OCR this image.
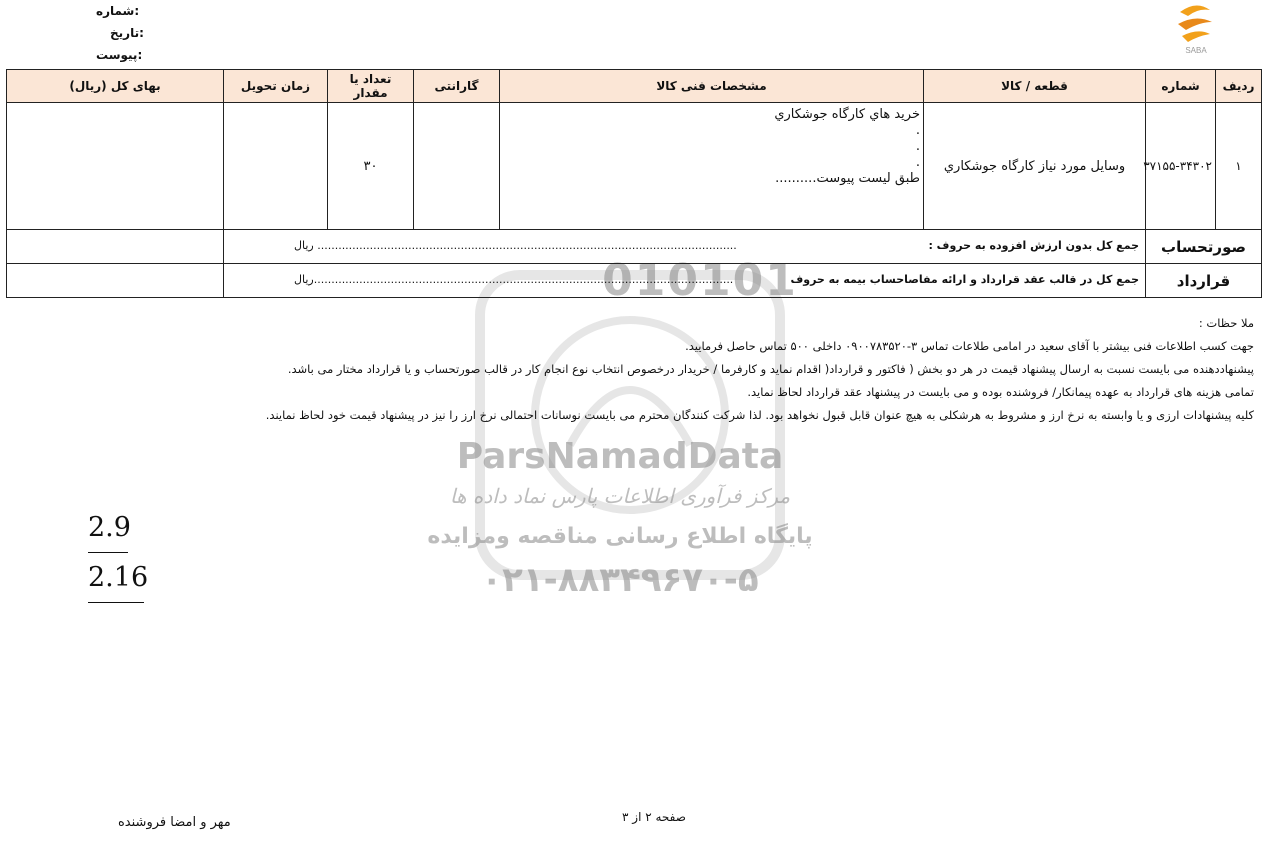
شماره:
تاریخ:
پیوست:	SABA
010101
ParsNamadData
مرکز فرآوری اطلاعات پارس نماد داده ها
پایگاه اطلاع رسانی مناقصه ومزایده
۰۲۱-۸۸۳۴۹۶۷۰-۵
ردیف	شماره	قطعه / کالا	مشخصات فنی کالا	گارانتی	تعداد یا مقدار	زمان تحویل	بهای کل (ریال)
۱	۳۷۱۵۵-۳۴۳۰۲	وسایل مورد نیاز کارگاه جوشکاري	خرید هاي کارگاه جوشکاري
.
.
.
طبق لیست پیوست..........		۳۰		
صورتحساب		جمع کل بدون ارزش افزوده به حروف :
........................................................................................................................ ریال					

قرارداد		جمع کل در قالب عقد قرارداد و ارائه مفاصاحساب بیمه به حروف
........................................................................................................................ریال					

ملا حظات :
جهت کسب اطلاعات فنی بیشتر با آقای سعید در امامی طلاعات تماس ۳-۰۹۰۰۷۸۳۵۲۰ داخلی ۵۰۰ تماس حاصل فرمایید.
پیشنهاددهنده می بایست نسبت به ارسال پیشنهاد قیمت در هر دو بخش ( فاکتور و قرارداد( اقدام نماید و کارفرما / خریدار درخصوص انتخاب نوع انجام کار در قالب صورتحساب و یا قرارداد مختار می باشد.
تمامی هزینه های قرارداد به عهده پیمانکار/ فروشنده بوده و می بایست در پیشنهاد عقد قرارداد لحاظ نماید.
کلیه پیشنهادات ارزی و یا وابسته به نرخ ارز و مشروط به هرشکلی به هیچ عنوان قابل قبول نخواهد بود. لذا شرکت کنندگان محترم می بایست نوسانات احتمالی نرخ ارز را نیز در پیشنهاد قیمت خود لحاظ نمایند.
2.9
2.16
صفحه ۲ از ۳
مهر و امضا فروشنده
